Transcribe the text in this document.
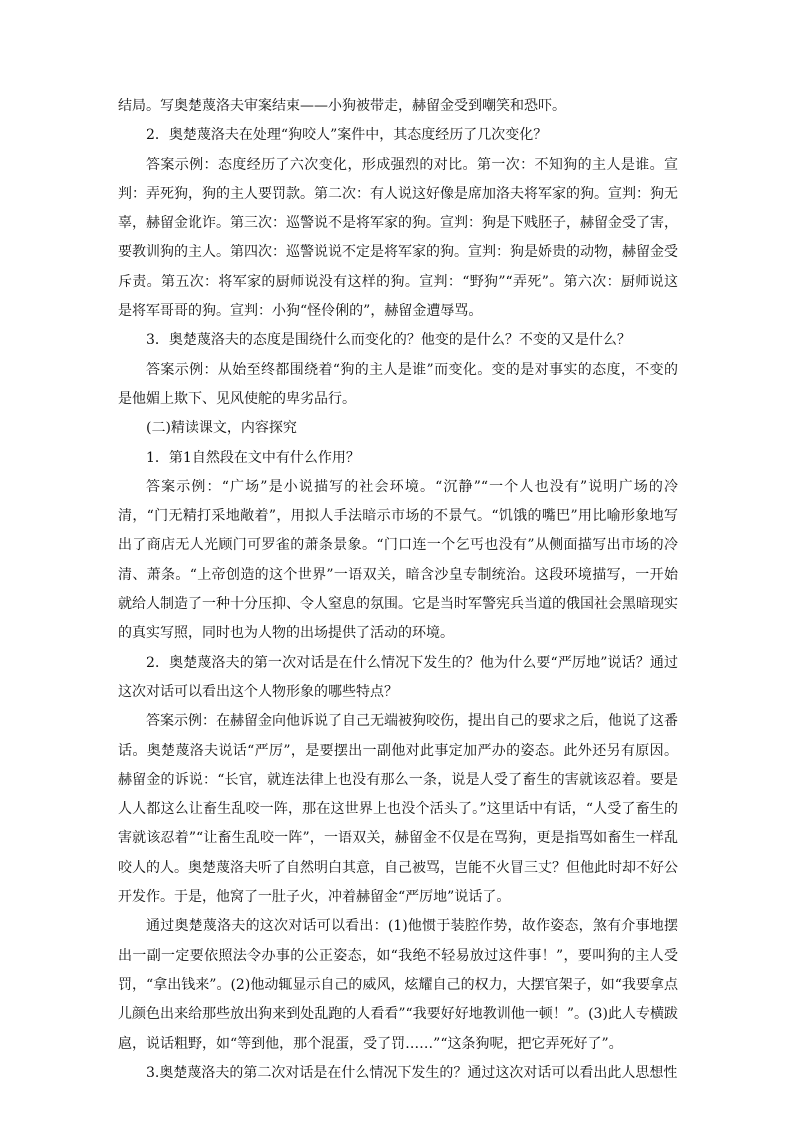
结局。写奥楚蔑洛夫审案结束——小狗被带走，赫留金受到嘲笑和恐吓。

2．奥楚蔑洛夫在处理“狗咬人”案件中，其态度经历了几次变化？

答案示例：态度经历了六次变化，形成强烈的对比。第一次：不知狗的主人是谁。宣判：弄死狗，狗的主人要罚款。第二次：有人说这好像是席加洛夫将军家的狗。宣判：狗无辜，赫留金讹诈。第三次：巡警说不是将军家的狗。宣判：狗是下贱胚子，赫留金受了害，要教训狗的主人。第四次：巡警说说不定是将军家的狗。宣判：狗是娇贵的动物，赫留金受斥责。第五次：将军家的厨师说没有这样的狗。宣判：“野狗”“弄死”。第六次：厨师说这是将军哥哥的狗。宣判：小狗“怪伶俐的”，赫留金遭辱骂。

3．奥楚蔑洛夫的态度是围绕什么而变化的？他变的是什么？不变的又是什么？

答案示例：从始至终都围绕着“狗的主人是谁”而变化。变的是对事实的态度，不变的是他媚上欺下、见风使舵的卑劣品行。

(二)精读课文，内容探究

1．第1自然段在文中有什么作用？

答案示例：“广场”是小说描写的社会环境。“沉静”“一个人也没有”说明广场的冷清，“门无精打采地敞着”，用拟人手法暗示市场的不景气。“饥饿的嘴巴”用比喻形象地写出了商店无人光顾门可罗雀的萧条景象。“门口连一个乞丐也没有”从侧面描写出市场的冷清、萧条。“上帝创造的这个世界”一语双关，暗含沙皇专制统治。这段环境描写，一开始就给人制造了一种十分压抑、令人窒息的氛围。它是当时军警宪兵当道的俄国社会黑暗现实的真实写照，同时也为人物的出场提供了活动的环境。

2．奥楚蔑洛夫的第一次对话是在什么情况下发生的？他为什么要“严厉地”说话？通过这次对话可以看出这个人物形象的哪些特点？

答案示例：在赫留金向他诉说了自己无端被狗咬伤，提出自己的要求之后，他说了这番话。奥楚蔑洛夫说话“严厉”，是要摆出一副他对此事定加严办的姿态。此外还另有原因。赫留金的诉说：“长官，就连法律上也没有那么一条，说是人受了畜生的害就该忍着。要是人人都这么让畜生乱咬一阵，那在这世界上也没个活头了。”这里话中有话，“人受了畜生的害就该忍着”“让畜生乱咬一阵”，一语双关，赫留金不仅是在骂狗，更是指骂如畜生一样乱咬人的人。奥楚蔑洛夫听了自然明白其意，自己被骂，岂能不火冒三丈？但他此时却不好公开发作。于是，他窝了一肚子火，冲着赫留金“严厉地”说话了。

通过奥楚蔑洛夫的这次对话可以看出：(1)他惯于装腔作势，故作姿态，煞有介事地摆出一副一定要依照法令办事的公正姿态，如“我绝不轻易放过这件事！”，要叫狗的主人受罚，“拿出钱来”。(2)他动辄显示自己的威风，炫耀自己的权力，大摆官架子，如“我要拿点儿颜色出来给那些放出狗来到处乱跑的人看看”“我要好好地教训他一顿！”。(3)此人专横跋扈，说话粗野，如“等到他，那个混蛋，受了罚……”“这条狗呢，把它弄死好了”。

3.奥楚蔑洛夫的第二次对话是在什么情况下发生的？通过这次对话可以看出此人思想性
